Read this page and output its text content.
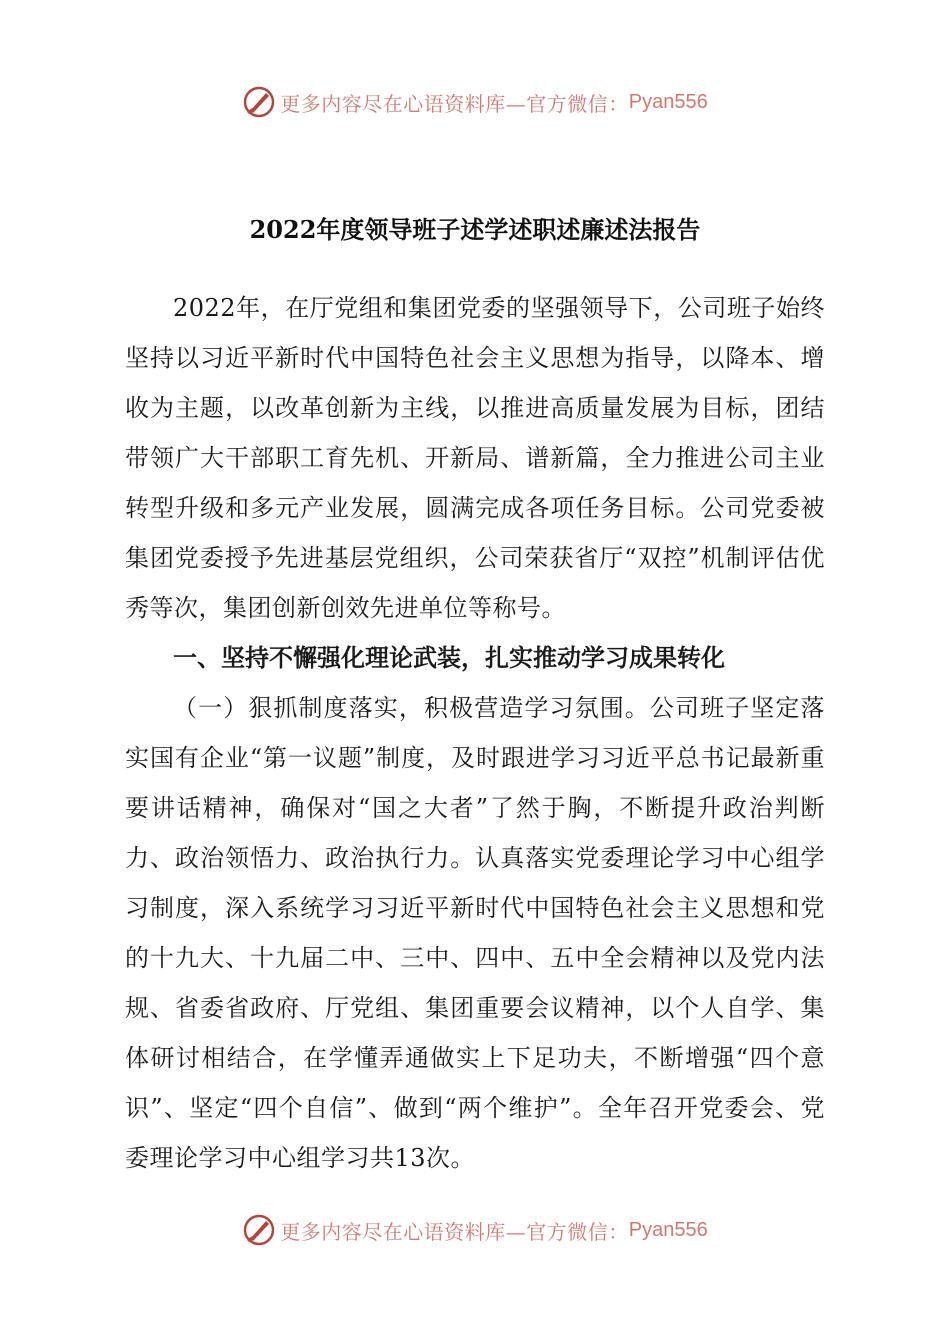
更多内容尽在心语资料库—官方微信： Pyan556
2022年度领导班子述学述职述廉述法报告

2022年，在厅党组和集团党委的坚强领导下，公司班子始终坚持以习近平新时代中国特色社会主义思想为指导，以降本、增收为主题，以改革创新为主线，以推进高质量发展为目标，团结带领广大干部职工育先机、开新局、谱新篇，全力推进公司主业转型升级和多元产业发展，圆满完成各项任务目标。公司党委被集团党委授予先进基层党组织，公司荣获省厅“双控”机制评估优秀等次，集团创新创效先进单位等称号。

一、坚持不懈强化理论武装，扎实推动学习成果转化

（一）狠抓制度落实，积极营造学习氛围。公司班子坚定落实国有企业“第一议题”制度，及时跟进学习习近平总书记最新重要讲话精神，确保对“国之大者”了然于胸，不断提升政治判断力、政治领悟力、政治执行力。认真落实党委理论学习中心组学习制度，深入系统学习习近平新时代中国特色社会主义思想和党的十九大、十九届二中、三中、四中、五中全会精神以及党内法规、省委省政府、厅党组、集团重要会议精神，以个人自学、集体研讨相结合，在学懂弄通做实上下足功夫，不断增强“四个意识”、坚定“四个自信”、做到“两个维护”。全年召开党委会、党委理论学习中心组学习共13次。

更多内容尽在心语资料库—官方微信： Pyan556
